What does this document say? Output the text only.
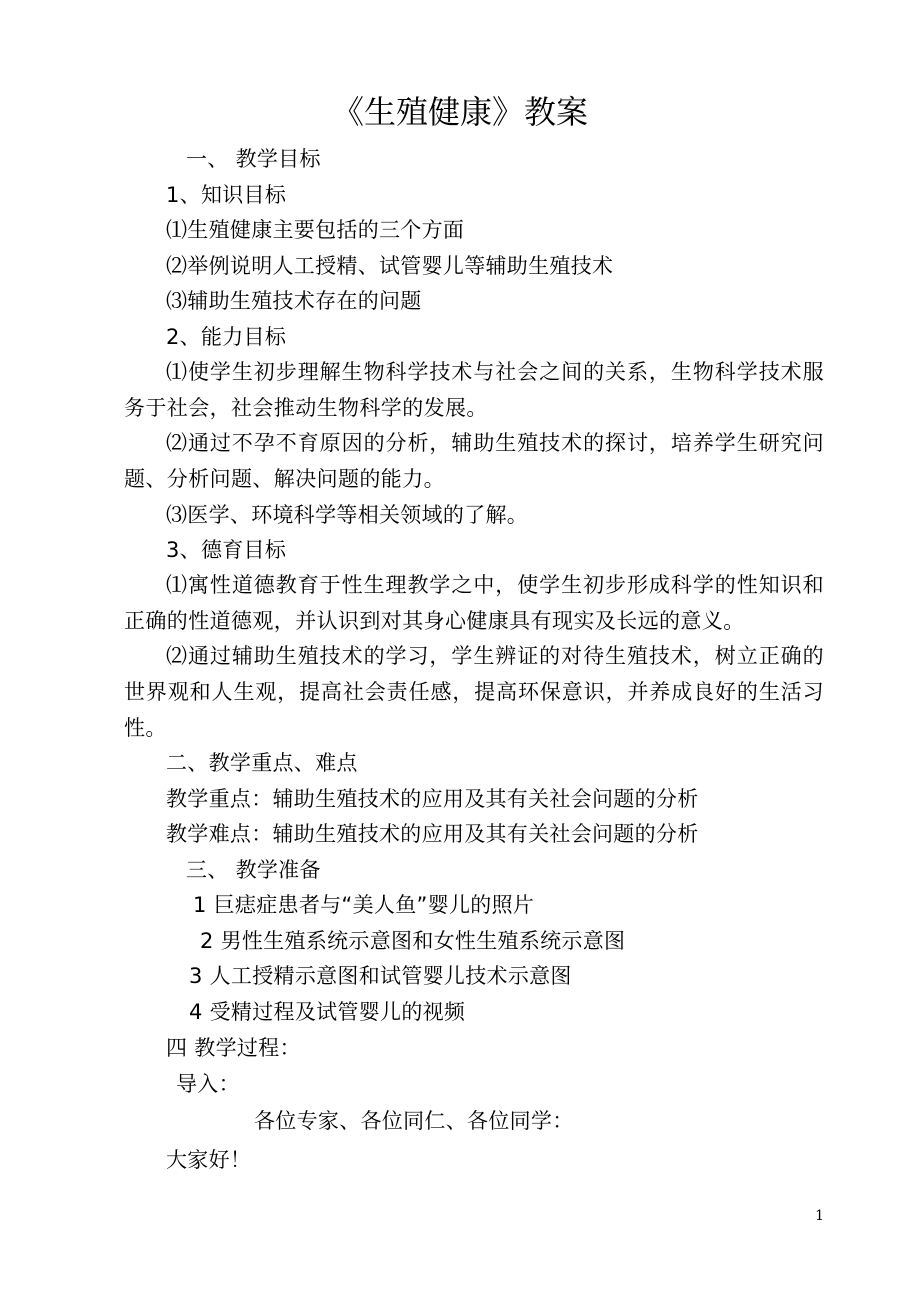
《生殖健康》教案
一、 教学目标
1、知识目标
⑴生殖健康主要包括的三个方面
⑵举例说明人工授精、试管婴儿等辅助生殖技术
⑶辅助生殖技术存在的问题
2、能力目标
⑴使学生初步理解生物科学技术与社会之间的关系，生物科学技术服务于社会，社会推动生物科学的发展。
⑵通过不孕不育原因的分析，辅助生殖技术的探讨，培养学生研究问题、分析问题、解决问题的能力。
⑶医学、环境科学等相关领域的了解。
3、德育目标
⑴寓性道德教育于性生理教学之中，使学生初步形成科学的性知识和正确的性道德观，并认识到对其身心健康具有现实及长远的意义。
⑵通过辅助生殖技术的学习，学生辨证的对待生殖技术，树立正确的世界观和人生观，提高社会责任感，提高环保意识，并养成良好的生活习性。
二、教学重点、难点
教学重点：辅助生殖技术的应用及其有关社会问题的分析
教学难点：辅助生殖技术的应用及其有关社会问题的分析
三、 教学准备
1 巨痣症患者与“美人鱼”婴儿的照片
2 男性生殖系统示意图和女性生殖系统示意图
3 人工授精示意图和试管婴儿技术示意图
4 受精过程及试管婴儿的视频
四 教学过程：
导入：
各位专家、各位同仁、各位同学：
大家好！
1
